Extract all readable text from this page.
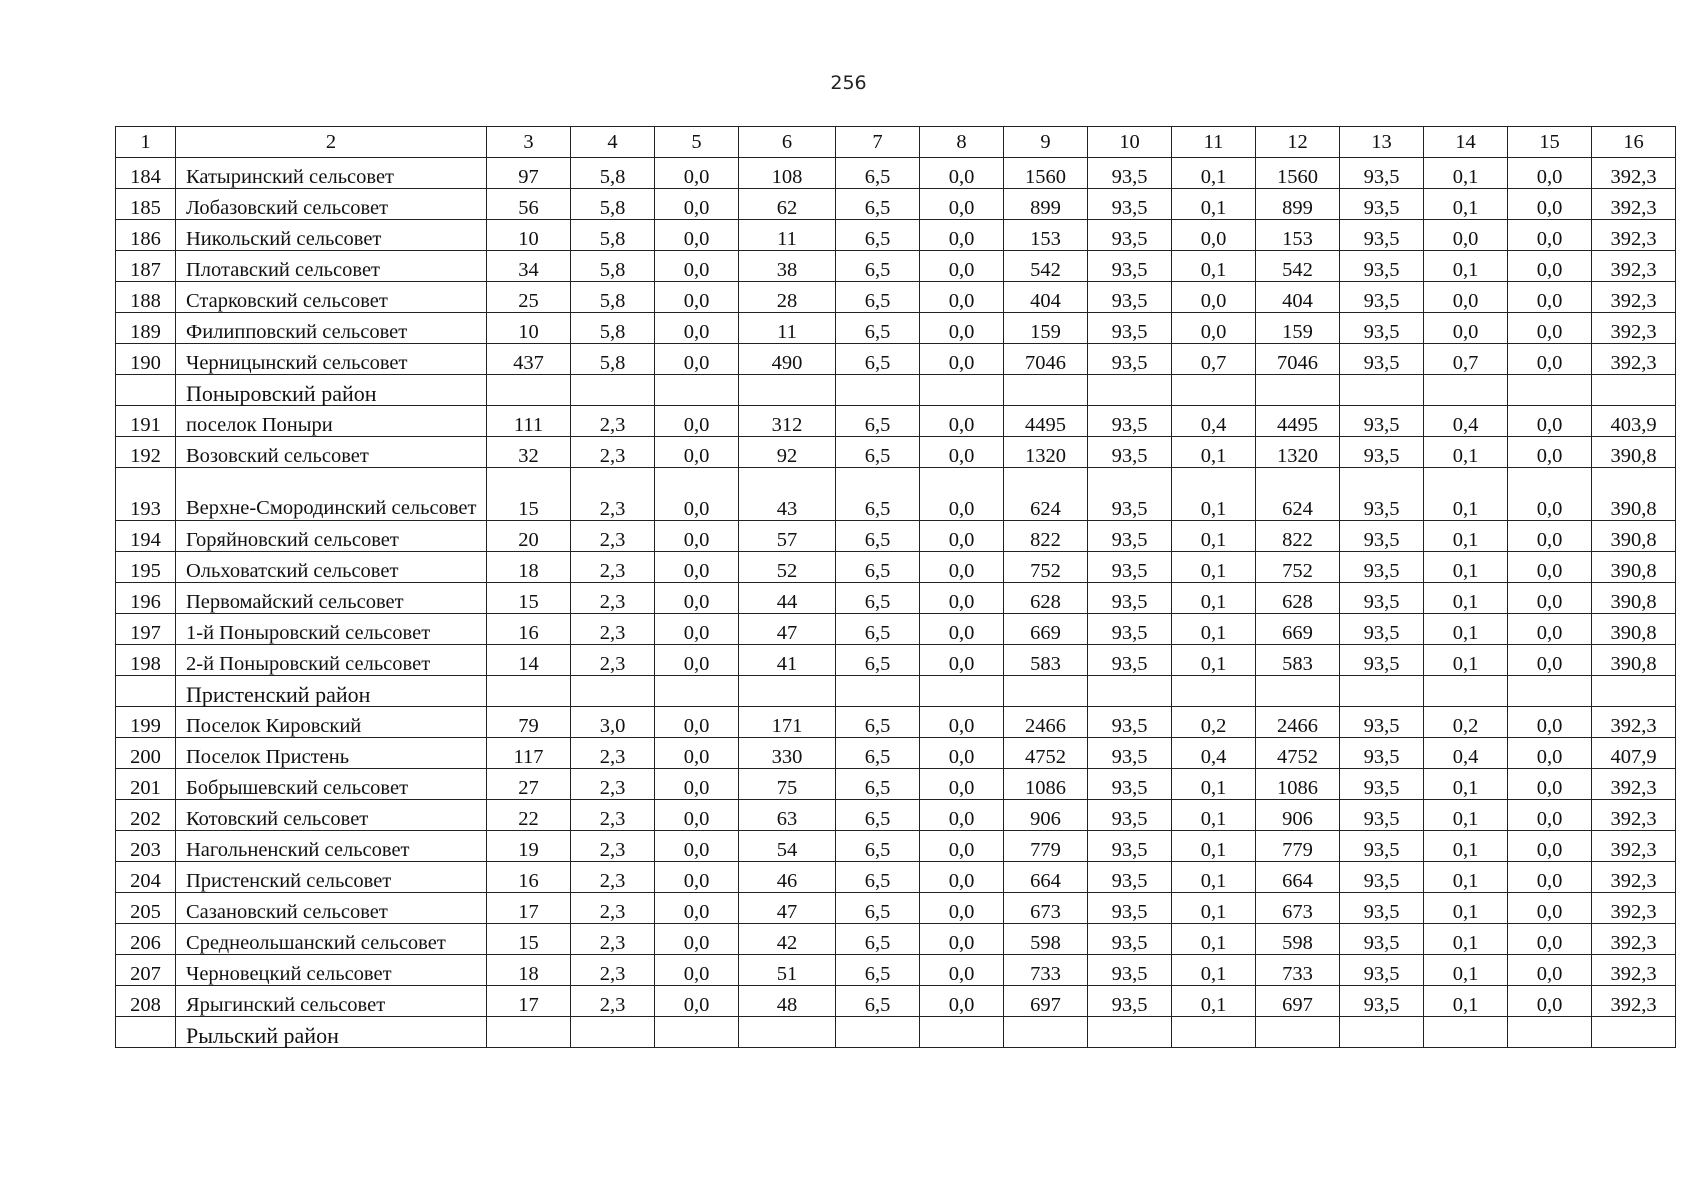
256
1	2	3	4	5	6	7	8	9	10	11	12	13	14	15	16
184	Катыринский сельсовет	97	5,8	0,0	108	6,5	0,0	1560	93,5	0,1	1560	93,5	0,1	0,0	392,3
185	Лобазовский сельсовет	56	5,8	0,0	62	6,5	0,0	899	93,5	0,1	899	93,5	0,1	0,0	392,3
186	Никольский сельсовет	10	5,8	0,0	11	6,5	0,0	153	93,5	0,0	153	93,5	0,0	0,0	392,3
187	Плотавский сельсовет	34	5,8	0,0	38	6,5	0,0	542	93,5	0,1	542	93,5	0,1	0,0	392,3
188	Старковский сельсовет	25	5,8	0,0	28	6,5	0,0	404	93,5	0,0	404	93,5	0,0	0,0	392,3
189	Филипповский сельсовет	10	5,8	0,0	11	6,5	0,0	159	93,5	0,0	159	93,5	0,0	0,0	392,3
190	Черницынский сельсовет	437	5,8	0,0	490	6,5	0,0	7046	93,5	0,7	7046	93,5	0,7	0,0	392,3
	Поныровский район														
191	поселок Поныри	111	2,3	0,0	312	6,5	0,0	4495	93,5	0,4	4495	93,5	0,4	0,0	403,9
192	Возовский сельсовет	32	2,3	0,0	92	6,5	0,0	1320	93,5	0,1	1320	93,5	0,1	0,0	390,8
193	Верхне-Смородинский сельсовет	15	2,3	0,0	43	6,5	0,0	624	93,5	0,1	624	93,5	0,1	0,0	390,8
194	Горяйновский сельсовет	20	2,3	0,0	57	6,5	0,0	822	93,5	0,1	822	93,5	0,1	0,0	390,8
195	Ольховатский сельсовет	18	2,3	0,0	52	6,5	0,0	752	93,5	0,1	752	93,5	0,1	0,0	390,8
196	Первомайский сельсовет	15	2,3	0,0	44	6,5	0,0	628	93,5	0,1	628	93,5	0,1	0,0	390,8
197	1-й Поныровский сельсовет	16	2,3	0,0	47	6,5	0,0	669	93,5	0,1	669	93,5	0,1	0,0	390,8
198	2-й Поныровский сельсовет	14	2,3	0,0	41	6,5	0,0	583	93,5	0,1	583	93,5	0,1	0,0	390,8
	Пристенский район														
199	Поселок Кировский	79	3,0	0,0	171	6,5	0,0	2466	93,5	0,2	2466	93,5	0,2	0,0	392,3
200	Поселок Пристень	117	2,3	0,0	330	6,5	0,0	4752	93,5	0,4	4752	93,5	0,4	0,0	407,9
201	Бобрышевский сельсовет	27	2,3	0,0	75	6,5	0,0	1086	93,5	0,1	1086	93,5	0,1	0,0	392,3
202	Котовский сельсовет	22	2,3	0,0	63	6,5	0,0	906	93,5	0,1	906	93,5	0,1	0,0	392,3
203	Нагольненский сельсовет	19	2,3	0,0	54	6,5	0,0	779	93,5	0,1	779	93,5	0,1	0,0	392,3
204	Пристенский сельсовет	16	2,3	0,0	46	6,5	0,0	664	93,5	0,1	664	93,5	0,1	0,0	392,3
205	Сазановский сельсовет	17	2,3	0,0	47	6,5	0,0	673	93,5	0,1	673	93,5	0,1	0,0	392,3
206	Среднеольшанский сельсовет	15	2,3	0,0	42	6,5	0,0	598	93,5	0,1	598	93,5	0,1	0,0	392,3
207	Черновецкий сельсовет	18	2,3	0,0	51	6,5	0,0	733	93,5	0,1	733	93,5	0,1	0,0	392,3
208	Ярыгинский сельсовет	17	2,3	0,0	48	6,5	0,0	697	93,5	0,1	697	93,5	0,1	0,0	392,3
	Рыльский район														
